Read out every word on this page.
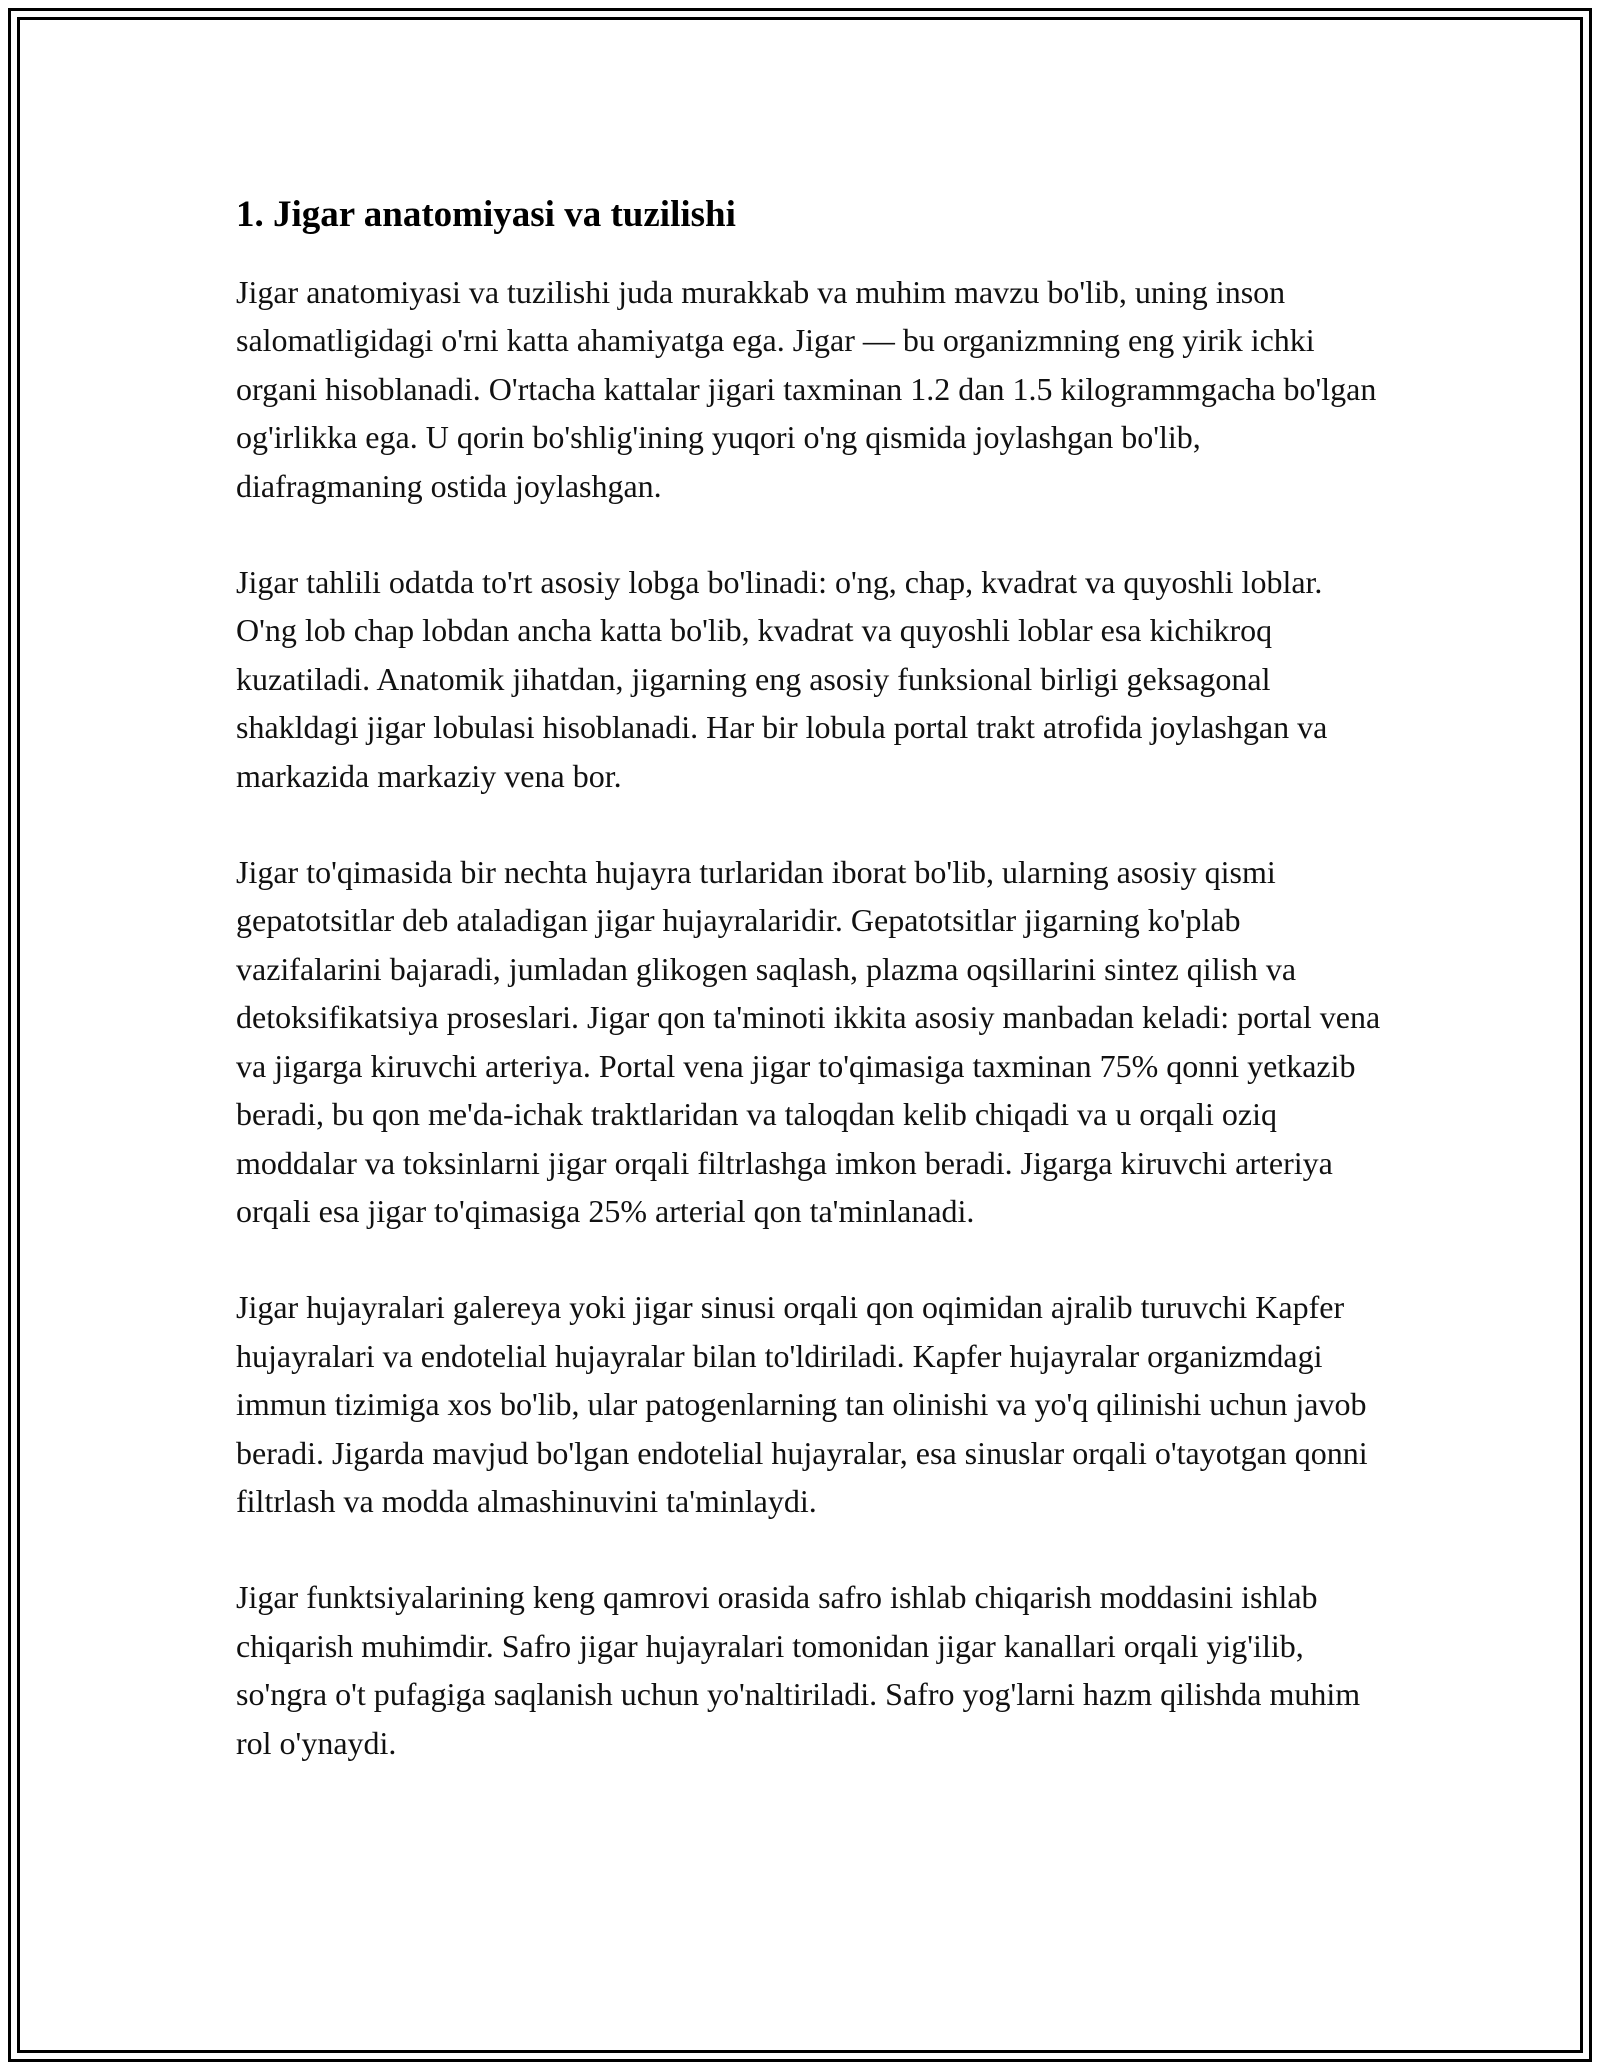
1. Jigar anatomiyasi va tuzilishi

Jigar anatomiyasi va tuzilishi juda murakkab va muhim mavzu bo'lib, uning inson salomatligidagi o'rni katta ahamiyatga ega. Jigar — bu organizmning eng yirik ichki organi hisoblanadi. O'rtacha kattalar jigari taxminan 1.2 dan 1.5 kilogrammgacha bo'lgan og'irlikka ega. U qorin bo'shlig'ining yuqori o'ng qismida joylashgan bo'lib, diafragmaning ostida joylashgan.

Jigar tahlili odatda to'rt asosiy lobga bo'linadi: o'ng, chap, kvadrat va quyoshli loblar. O'ng lob chap lobdan ancha katta bo'lib, kvadrat va quyoshli loblar esa kichikroq kuzatiladi. Anatomik jihatdan, jigarning eng asosiy funksional birligi geksagonal shakldagi jigar lobulasi hisoblanadi. Har bir lobula portal trakt atrofida joylashgan va markazida markaziy vena bor.

Jigar to'qimasida bir nechta hujayra turlaridan iborat bo'lib, ularning asosiy qismi gepatotsitlar deb ataladigan jigar hujayralaridir. Gepatotsitlar jigarning ko'plab vazifalarini bajaradi, jumladan glikogen saqlash, plazma oqsillarini sintez qilish va detoksifikatsiya proseslari. Jigar qon ta'minoti ikkita asosiy manbadan keladi: portal vena va jigarga kiruvchi arteriya. Portal vena jigar to'qimasiga taxminan 75% qonni yetkazib beradi, bu qon me'da-ichak traktlaridan va taloqdan kelib chiqadi va u orqali oziq moddalar va toksinlarni jigar orqali filtrlashga imkon beradi. Jigarga kiruvchi arteriya orqali esa jigar to'qimasiga 25% arterial qon ta'minlanadi.

Jigar hujayralari galereya yoki jigar sinusi orqali qon oqimidan ajralib turuvchi Kapfer hujayralari va endotelial hujayralar bilan to'ldiriladi. Kapfer hujayralar organizmdagi immun tizimiga xos bo'lib, ular patogenlarning tan olinishi va yo'q qilinishi uchun javob beradi. Jigarda mavjud bo'lgan endotelial hujayralar, esa sinuslar orqali o'tayotgan qonni filtrlash va modda almashinuvini ta'minlaydi.

Jigar funktsiyalarining keng qamrovi orasida safro ishlab chiqarish moddasini ishlab chiqarish muhimdir. Safro jigar hujayralari tomonidan jigar kanallari orqali yig'ilib, so'ngra o't pufagiga saqlanish uchun yo'naltiriladi. Safro yog'larni hazm qilishda muhim rol o'ynaydi.
